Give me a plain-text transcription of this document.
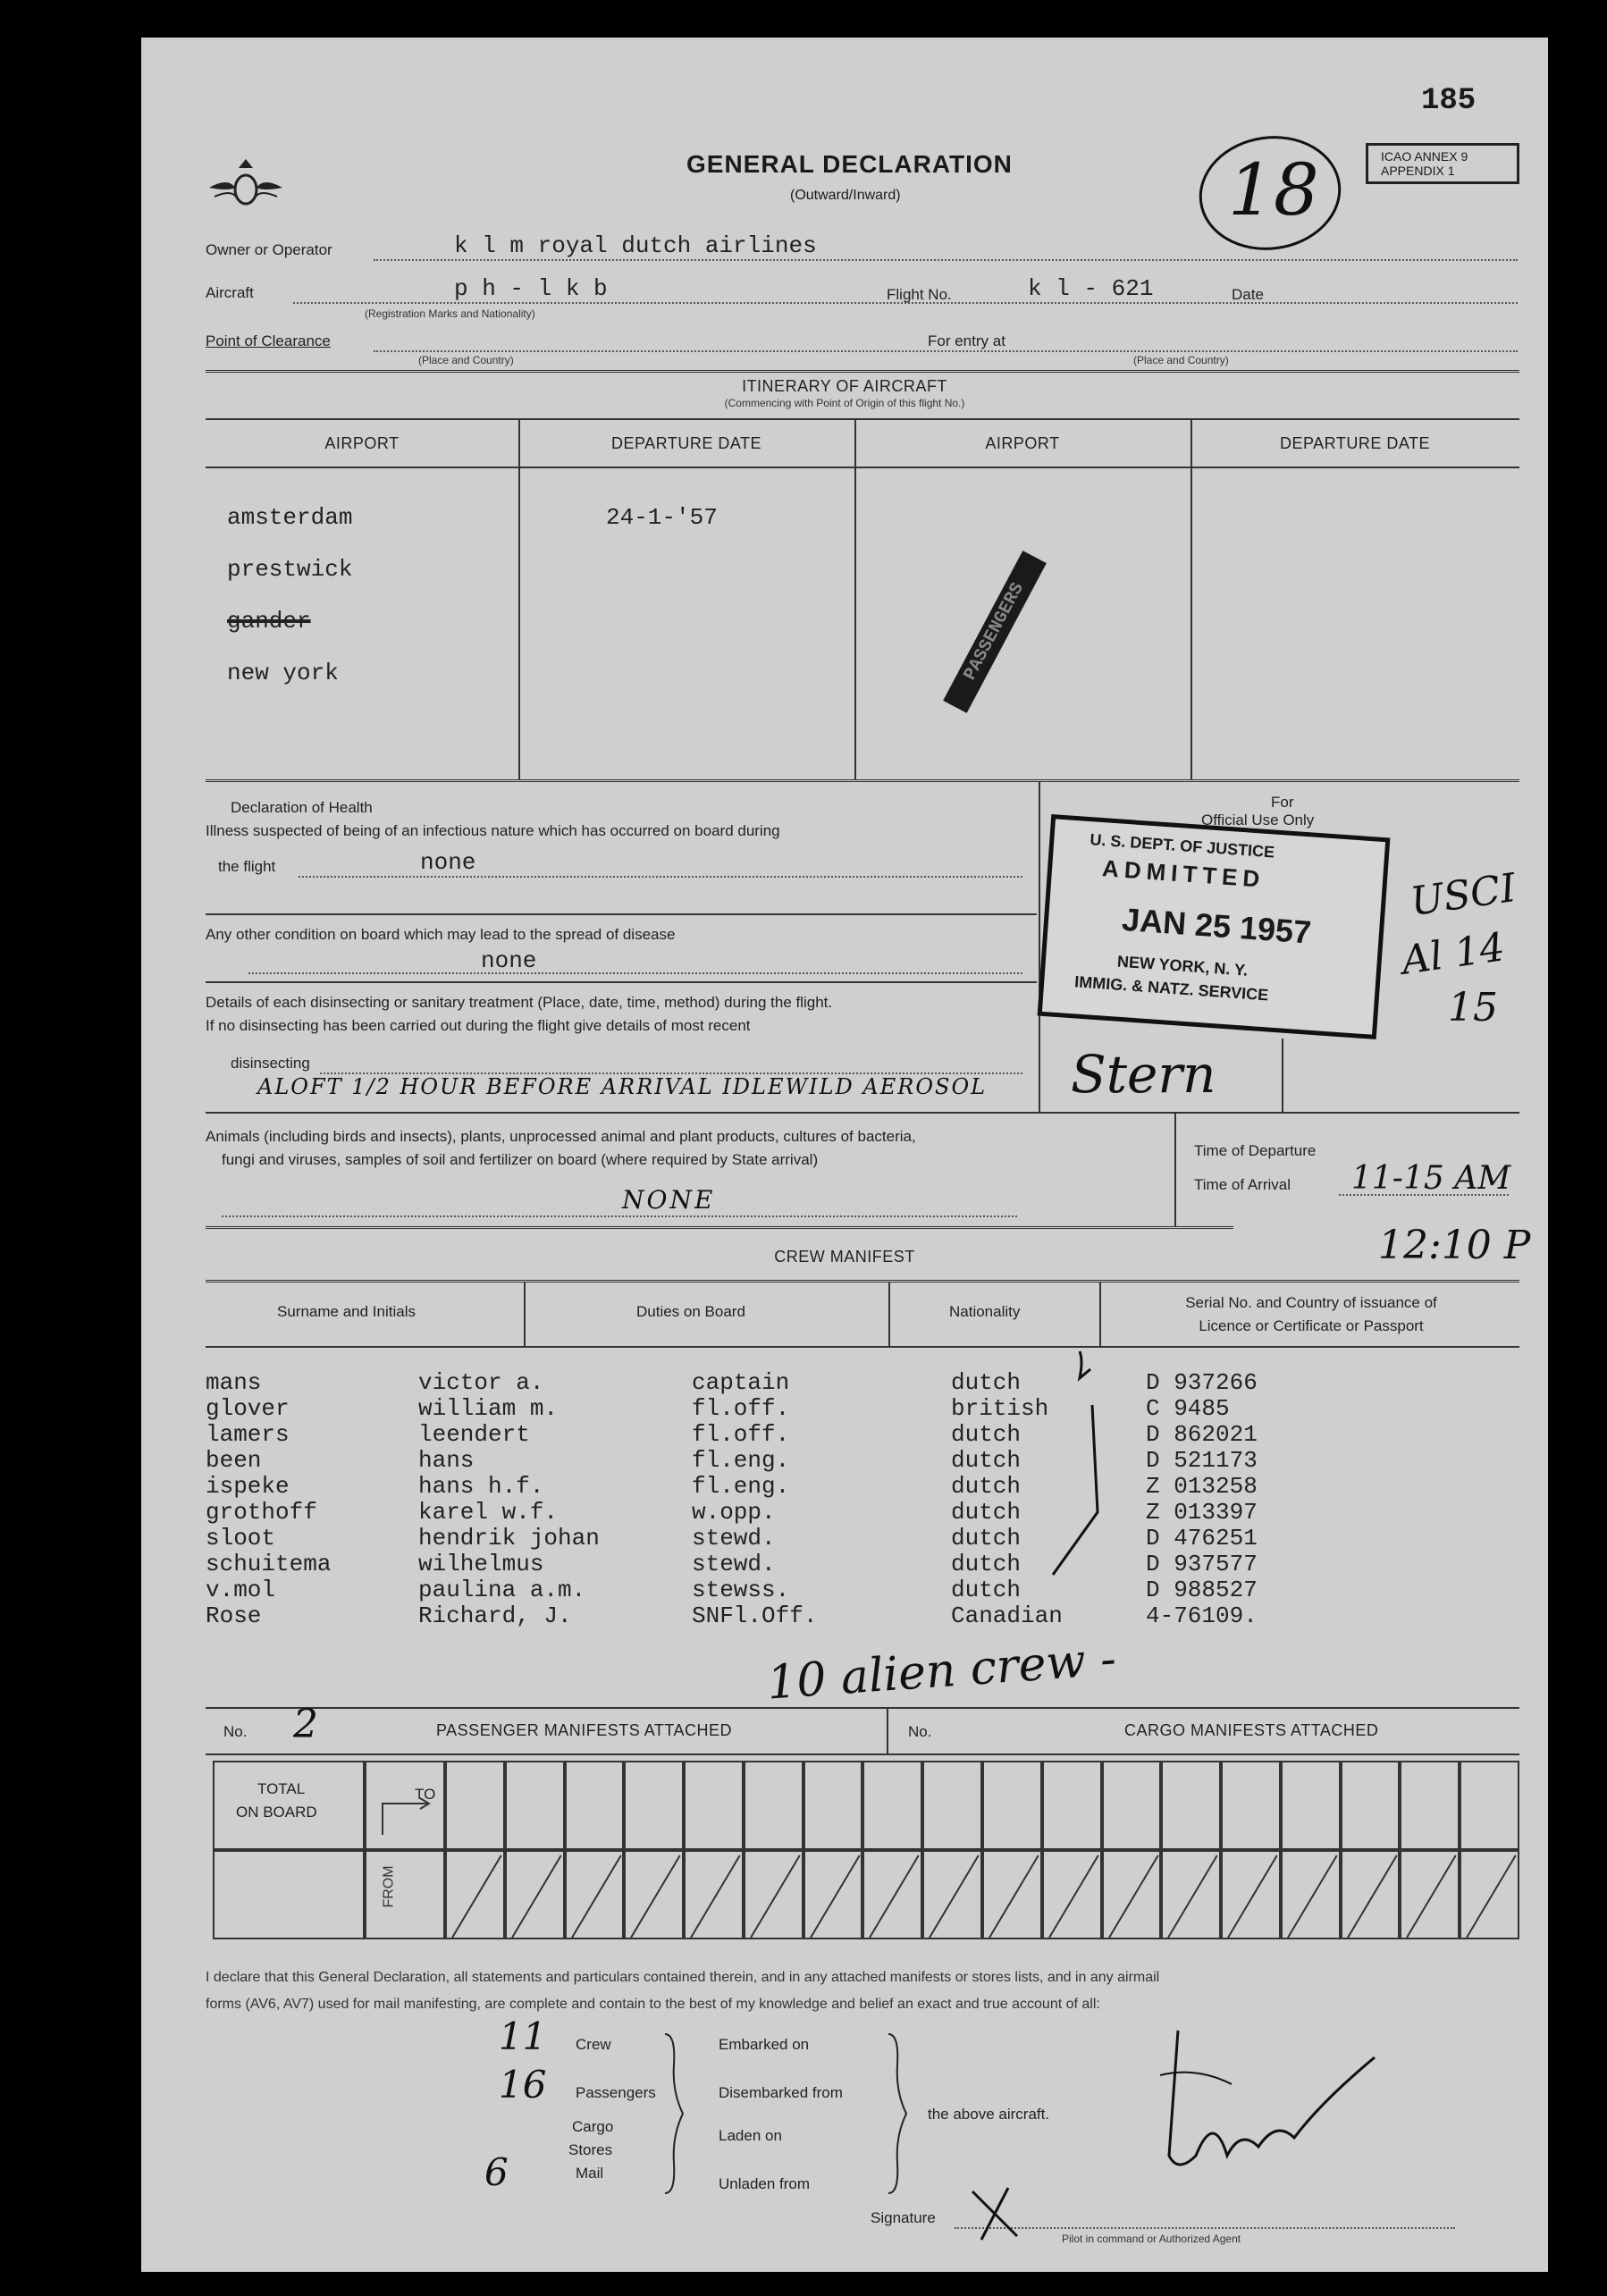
185
GENERAL DECLARATION
(Outward/Inward)
ICAO ANNEX 9
APPENDIX 1
18
Owner or Operator	k l m royal dutch airlines
Aircraft	p h - l k b
(Registration Marks and Nationality)
Flight No.	k l - 621	Date
Point of Clearance
(Place and Country)
For entry at
(Place and Country)
ITINERARY OF AIRCRAFT
(Commencing with Point of Origin of this flight No.)
AIRPORT	DEPARTURE DATE	AIRPORT	DEPARTURE DATE
amsterdam
prestwick
gander
new york
24-1-'57
PASSENGERS
Declaration of Health
Illness suspected of being of an infectious nature which has occurred on board during
the flight	none
Any other condition on board which may lead to the spread of disease
none
Details of each disinsecting or sanitary treatment (Place, date, time, method) during the flight.
If no disinsecting has been carried out during the flight give details of most recent
disinsecting
ALOFT 1/2 HOUR BEFORE ARRIVAL IDLEWILD AEROSOL
For
Official Use Only
U. S. DEPT. OF JUSTICE
ADMITTED
JAN 25 1957
NEW YORK, N. Y.
IMMIG. & NATZ. SERVICE
USCI
Al 14
15
Stern
Animals (including birds and insects), plants, unprocessed animal and plant products, cultures of bacteria,
fungi and viruses, samples of soil and fertilizer on board (where required by State arrival)
NONE
Time of Departure
Time of Arrival 11-15 AM
12:10 P
CREW MANIFEST
Surname and Initials	Duties on Board	Nationality
Serial No. and Country of issuance of
Licence or Certificate or Passport
mans	victor a.	captain	dutch	D 937266
glover	william m.	fl.off.	british	C 9485
lamers	leendert	fl.off.	dutch	D 862021
been	hans	fl.eng.	dutch	D 521173
ispeke	hans h.f.	fl.eng.	dutch	Z 013258
grothoff	karel w.f.	w.opp.	dutch	Z 013397
sloot	hendrik johan	stewd.	dutch	D 476251
schuitema	wilhelmus	stewd.	dutch	D 937577
v.mol	paulina a.m.	stewss.	dutch	D 988527
Rose	Richard, J.	SNFl.Off.	Canadian	4-76109.
10 alien crew -
No. 2	PASSENGER MANIFESTS ATTACHED	No.	CARGO MANIFESTS ATTACHED
TOTAL
ON BOARD
TO
FROM
I declare that this General Declaration, all statements and particulars contained therein, and in any attached manifests or stores lists, and in any airmail
forms (AV6, AV7) used for mail manifesting, are complete and contain to the best of my knowledge and belief an exact and true account of all:
11 Crew
16 Passengers
Cargo
Stores
6	Mail
Embarked on
Disembarked from
Laden on
Unladen from
the above aircraft.
Signature
Pilot in command or Authorized Agent
